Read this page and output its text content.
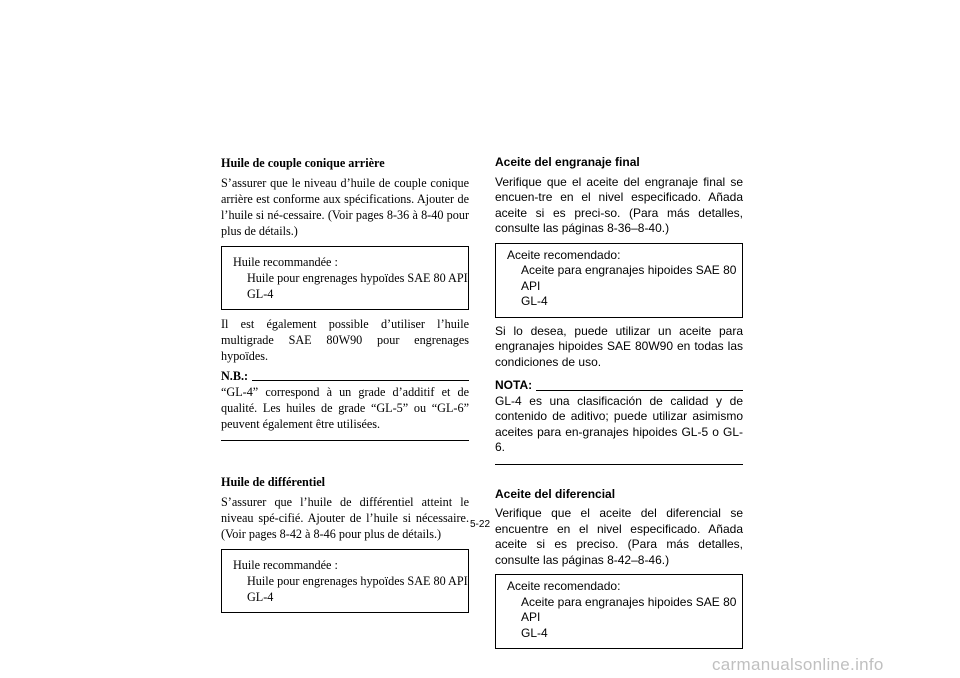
Huile de couple conique arrière

S’assurer que le niveau d’huile de couple conique arrière est conforme aux spécifications. Ajouter de l’huile si né-cessaire. (Voir pages 8-36 à 8-40 pour plus de détails.)

Huile recommandée :
Huile pour engrenages hypoïdes SAE 80 API
GL-4

Il est également possible d’utiliser l’huile multigrade SAE 80W90 pour engrenages hypoïdes.

N.B.:

“GL-4” correspond à un grade d’additif et de qualité. Les huiles de grade “GL-5” ou “GL-6” peuvent également être utilisées.

Huile de différentiel

S’assurer que l’huile de différentiel atteint le niveau spé-cifié. Ajouter de l’huile si nécessaire. (Voir pages 8-42 à 8-46 pour plus de détails.)

Huile recommandée :
Huile pour engrenages hypoïdes SAE 80 API
GL-4
Aceite del engranaje final

Verifique que el aceite del engranaje final se encuen-tre en el nivel especificado. Añada aceite si es preci-so. (Para más detalles, consulte las páginas 8-36–8-40.)

Aceite recomendado:
Aceite para engranajes hipoides SAE 80 API
GL-4

Si lo desea, puede utilizar un aceite para engranajes hipoides SAE 80W90 en todas las condiciones de uso.

NOTA:

GL-4 es una clasificación de calidad y de contenido de aditivo; puede utilizar asimismo aceites para en-granajes hipoides GL-5 o GL-6.

Aceite del diferencial

Verifique que el aceite del diferencial se encuentre en el nivel especificado. Añada aceite si es preciso. (Para más detalles, consulte las páginas 8-42–8-46.)

Aceite recomendado:
Aceite para engranajes hipoides SAE 80 API
GL-4
5-22
carmanualsonline.info
